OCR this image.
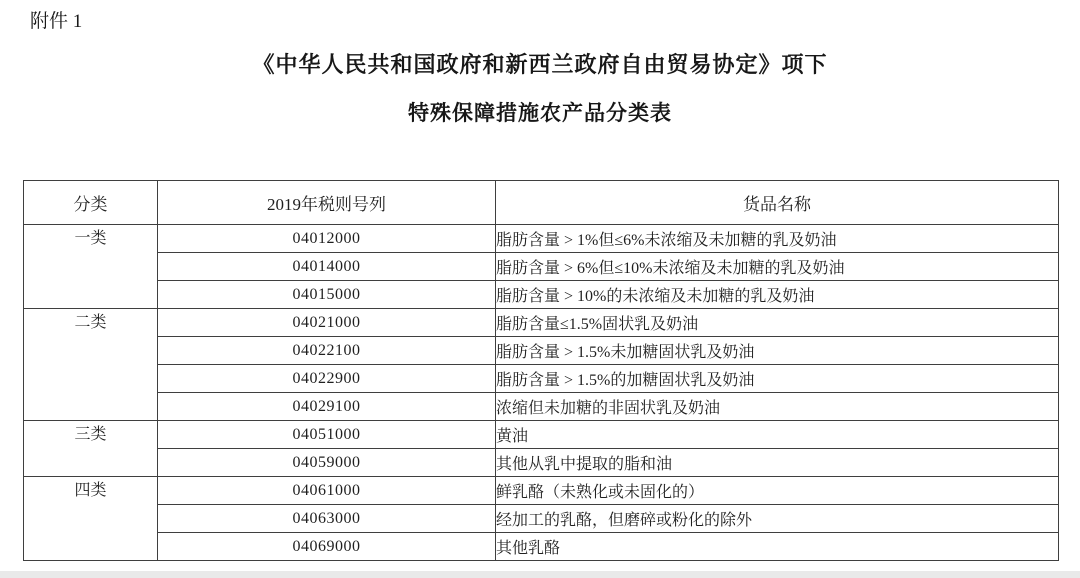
附件 1
《中华人民共和国政府和新西兰政府自由贸易协定》项下
特殊保障措施农产品分类表
分类	2019年税则号列	货品名称
一类	04012000	脂肪含量 > 1%但≤6%未浓缩及未加糖的乳及奶油
	04014000	脂肪含量 > 6%但≤10%未浓缩及未加糖的乳及奶油
	04015000	脂肪含量 > 10%的未浓缩及未加糖的乳及奶油
二类	04021000	脂肪含量≤1.5%固状乳及奶油
	04022100	脂肪含量 > 1.5%未加糖固状乳及奶油
	04022900	脂肪含量 > 1.5%的加糖固状乳及奶油
	04029100	浓缩但未加糖的非固状乳及奶油
三类	04051000	黄油
	04059000	其他从乳中提取的脂和油
四类	04061000	鲜乳酪（未熟化或未固化的）
	04063000	经加工的乳酪，但磨碎或粉化的除外
	04069000	其他乳酪
